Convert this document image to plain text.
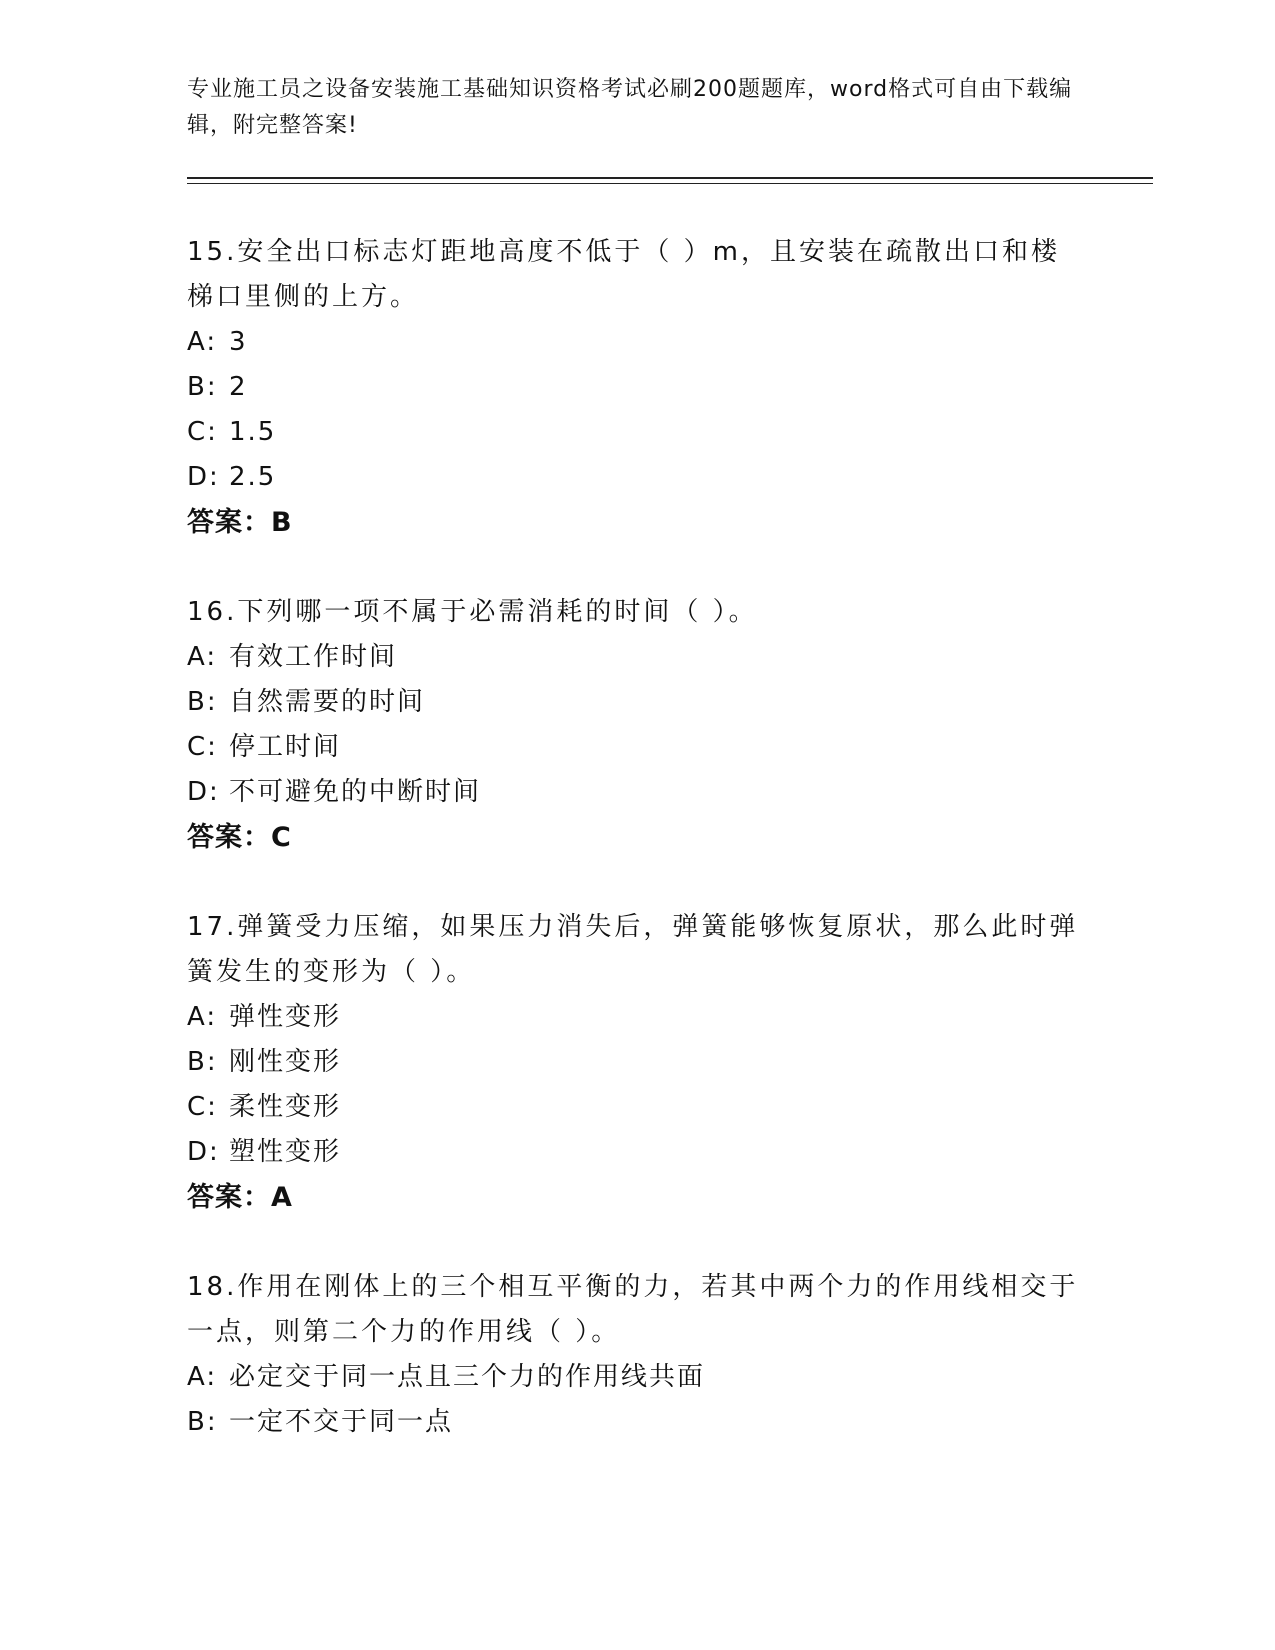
专业施工员之设备安装施工基础知识资格考试必刷200题题库，word格式可自由下载编辑，附完整答案!

15.安全出口标志灯距地高度不低于（ ）m，且安装在疏散出口和楼梯口里侧的上方。

A: 3

B: 2

C: 1.5

D: 2.5

答案：B

16.下列哪一项不属于必需消耗的时间（ ）。

A: 有效工作时间

B: 自然需要的时间

C: 停工时间

D: 不可避免的中断时间

答案：C

17.弹簧受力压缩，如果压力消失后，弹簧能够恢复原状，那么此时弹簧发生的变形为（ ）。

A: 弹性变形

B: 刚性变形

C: 柔性变形

D: 塑性变形

答案：A

18.作用在刚体上的三个相互平衡的力，若其中两个力的作用线相交于一点，则第二个力的作用线（ ）。

A: 必定交于同一点且三个力的作用线共面

B: 一定不交于同一点
